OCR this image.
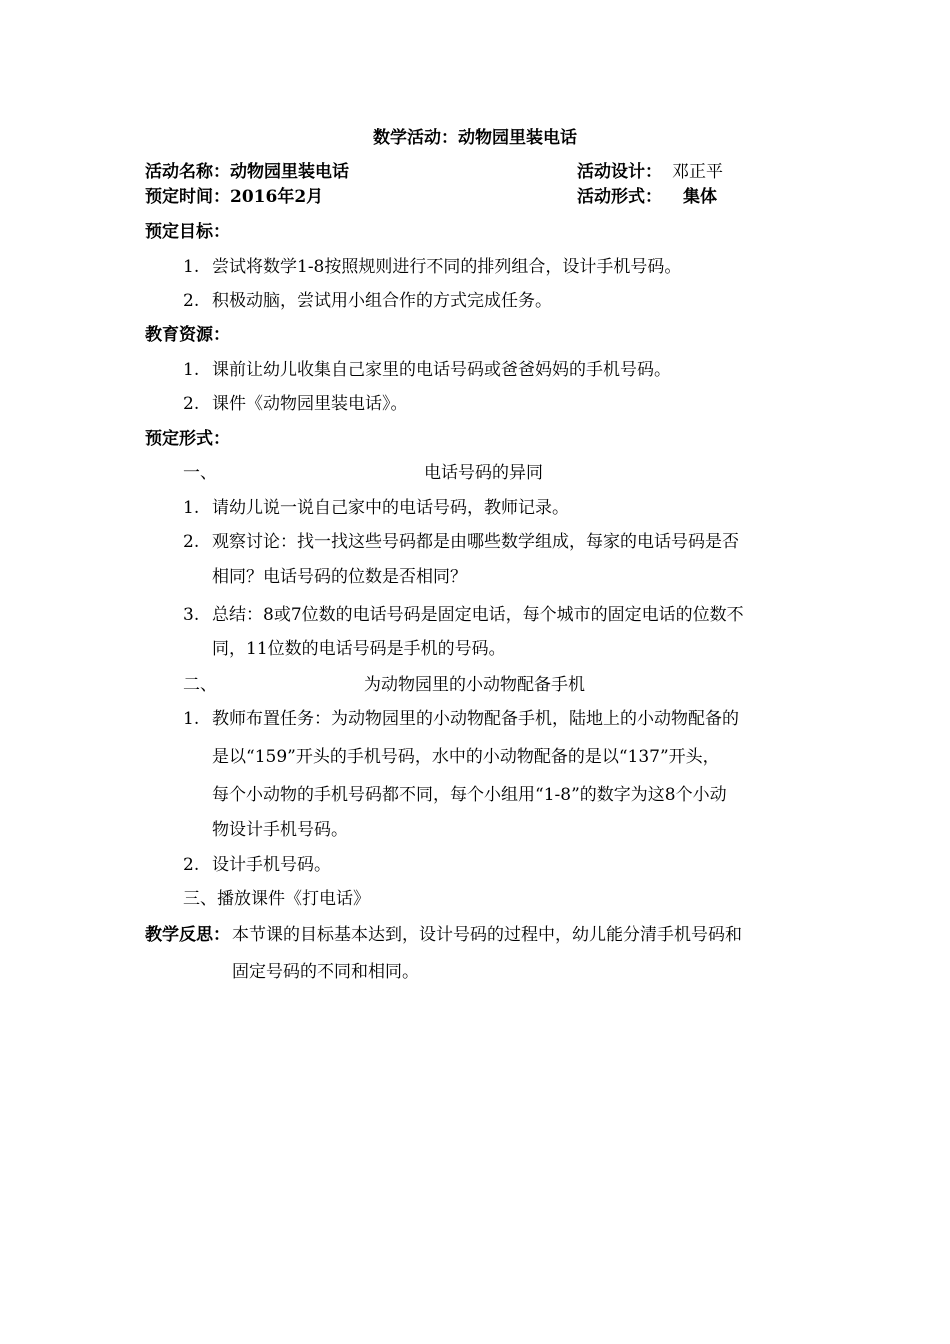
数学活动：动物园里装电话
活动名称： 动物园里装电话	活动设计： 邓正平
预定时间： 2016年2月	活动形式： 集体
预定目标：
1. 尝试将数学1-8按照规则进行不同的排列组合，设计手机号码。
2. 积极动脑，尝试用小组合作的方式完成任务。
教育资源：
1. 课前让幼儿收集自己家里的电话号码或爸爸妈妈的手机号码。
2. 课件《动物园里装电话》。
预定形式：
一、	电话号码的异同
1. 请幼儿说一说自己家中的电话号码，教师记录。
2. 观察讨论：找一找这些号码都是由哪些数学组成，每家的电话号码是否
相同？电话号码的位数是否相同？
3. 总结：8或7位数的电话号码是固定电话，每个城市的固定电话的位数不
同，11位数的电话号码是手机的号码。
二、	为动物园里的小动物配备手机
1. 教师布置任务：为动物园里的小动物配备手机，陆地上的小动物配备的
是以“159”开头的手机号码，水中的小动物配备的是以“137”开头，
每个小动物的手机号码都不同，每个小组用“1-8”的数字为这8个小动
物设计手机号码。
2. 设计手机号码。
三、播放课件《打电话》
教学反思： 本节课的目标基本达到，设计号码的过程中，幼儿能分清手机号码和
固定号码的不同和相同。
